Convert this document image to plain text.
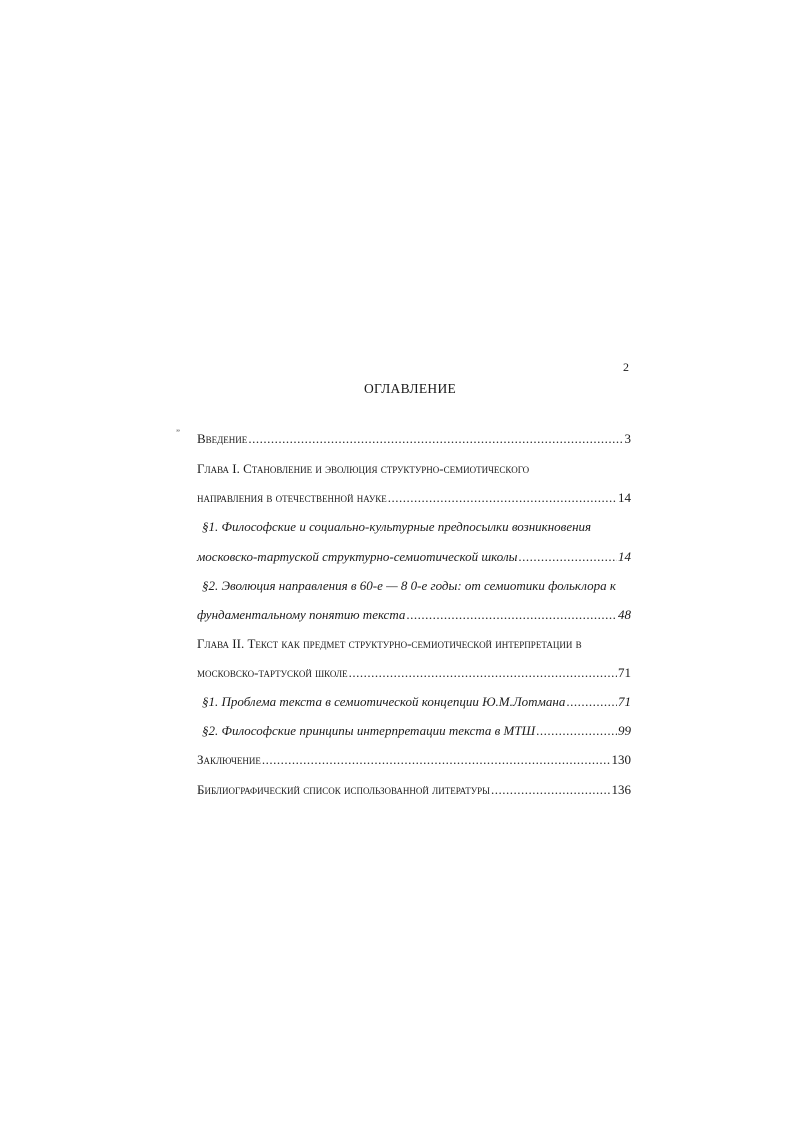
2
ОГЛАВЛЕНИЕ
” Введение .....	3
Глава I. Становление и эволюция структурно-семиотического
направления в отечественной науке .....	14
§1. Философские и социально-культурные предпосылки возникновения
московско-тартуской структурно-семиотической школы .....	14
§2. Эволюция направления в 60-е — 8 0-е годы: от семиотики фольклора к
фундаментальному понятию текста .....	48
Глава II. Текст как предмет структурно-семиотической интерпретации в
московско-тартуской школе .....	71
§1. Проблема текста в семиотической концепции Ю.М.Лотмана .....	71
§2. Философские принципы интерпретации текста в МТШ .....	99
Заключение .....	130
Библиографический список использованной литературы .....	136
